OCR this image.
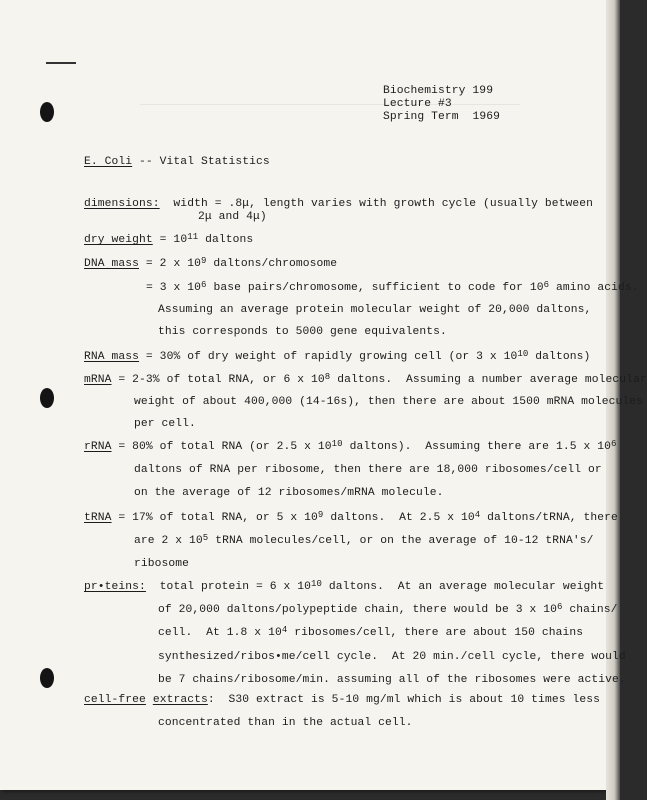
Biochemistry 199
Lecture #3
Spring Term 1969
E. Coli -- Vital Statistics
dimensions:  width = .8μ, length varies with growth cycle (usually between
2μ and 4μ)
dry weight = $10^{11}$ daltons
DNA mass = 2 x $10^9$ daltons/chromosome
= 3 x $10^6$ base pairs/chromosome, sufficient to code for $10^6$ amino acids.
Assuming an average protein molecular weight of 20,000 daltons,
this corresponds to 5000 gene equivalents.
RNA mass = 30% of dry weight of rapidly growing cell (or 3 x $10^{10}$ daltons)
mRNA = 2-3% of total RNA, or 6 x $10^8$ daltons.  Assuming a number average molecular
weight of about 400,000 (14-16s), then there are about 1500 mRNA molecules
per cell.
rRNA = 80% of total RNA (or 2.5 x $10^{10}$ daltons).  Assuming there are 1.5 x $10^6$
daltons of RNA per ribosome, then there are 18,000 ribosomes/cell or
on the average of 12 ribosomes/mRNA molecule.
tRNA = 17% of total RNA, or 5 x $10^9$ daltons.  At 2.5 x $10^4$ daltons/tRNA, there
are 2 x $10^5$ tRNA molecules/cell, or on the average of 10-12 tRNA's/
ribosome
pr•teins:  total protein = 6 x $10^{10}$ daltons.  At an average molecular weight
of 20,000 daltons/polypeptide chain, there would be 3 x $10^6$ chains/
cell.  At 1.8 x $10^4$ ribosomes/cell, there are about 150 chains
synthesized/ribos•me/cell cycle.  At 20 min./cell cycle, there would
be 7 chains/ribosome/min. assuming all of the ribosomes were active.
cell-free extracts:  S30 extract is 5-10 mg/ml which is about 10 times less
concentrated than in the actual cell.
